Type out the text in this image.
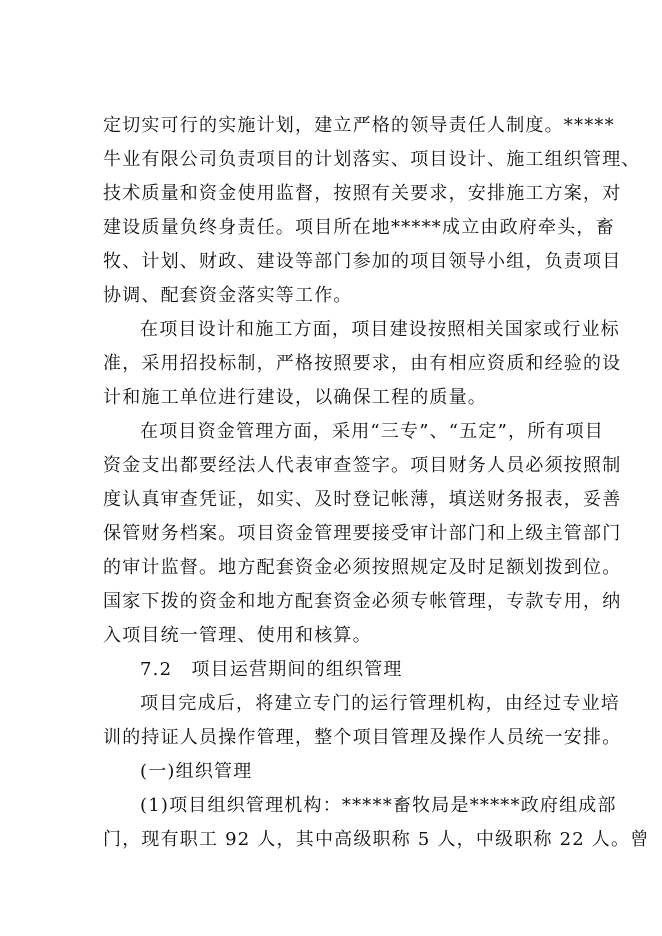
定切实可行的实施计划，建立严格的领导责任人制度。*****
牛业有限公司负责项目的计划落实、项目设计、施工组织管理、
技术质量和资金使用监督，按照有关要求，安排施工方案，对
建设质量负终身责任。项目所在地*****成立由政府牵头，畜
牧、计划、财政、建设等部门参加的项目领导小组，负责项目
协调、配套资金落实等工作。
在项目设计和施工方面，项目建设按照相关国家或行业标
准，采用招投标制，严格按照要求，由有相应资质和经验的设
计和施工单位进行建设，以确保工程的质量。
在项目资金管理方面，采用“三专”、“五定”，所有项目
资金支出都要经法人代表审查签字。项目财务人员必须按照制
度认真审查凭证，如实、及时登记帐薄，填送财务报表，妥善
保管财务档案。项目资金管理要接受审计部门和上级主管部门
的审计监督。地方配套资金必须按照规定及时足额划拨到位。
国家下拨的资金和地方配套资金必须专帐管理，专款专用，纳
入项目统一管理、使用和核算。
7.2　项目运营期间的组织管理
项目完成后，将建立专门的运行管理机构，由经过专业培
训的持证人员操作管理，整个项目管理及操作人员统一安排。
(一)组织管理
(1)项目组织管理机构：*****畜牧局是*****政府组成部
门，现有职工 92 人，其中高级职称 5 人，中级职称 22 人。曾
